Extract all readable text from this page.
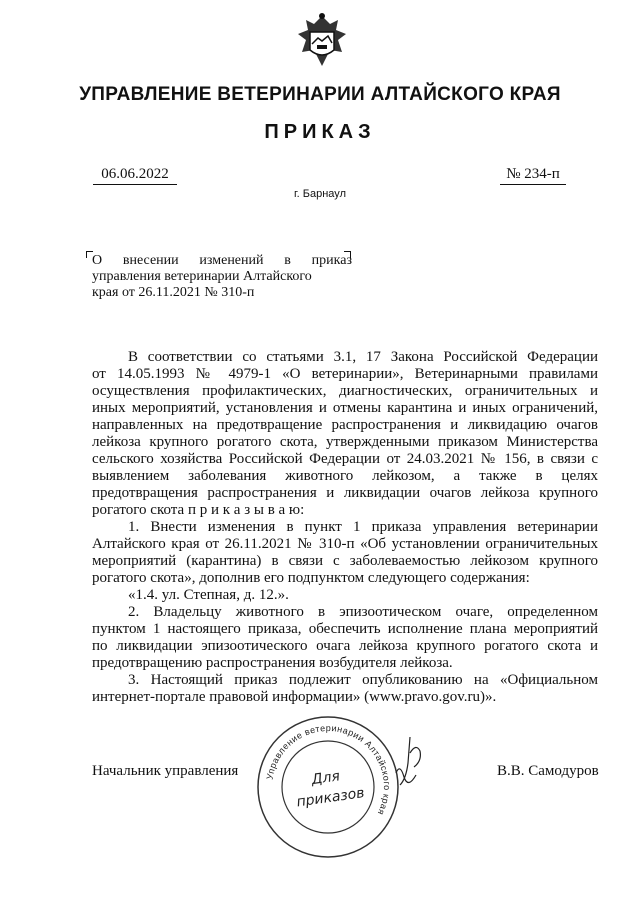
УПРАВЛЕНИЕ ВЕТЕРИНАРИИ АЛТАЙСКОГО КРАЯ
ПРИКАЗ
06.06.2022	№ 234-п
г. Барнаул

О внесении изменений в приказ

управления ветеринарии Алтайского

края от 26.11.2021 № 310-п

В соответствии со статьями 3.1, 17 Закона Российской Федерации

от 14.05.1993 № 4979-1 «О ветеринарии», Ветеринарными правилами

осуществления профилактических, диагностических, ограничительных и

иных мероприятий, установления и отмены карантина и иных ограничений,

направленных на предотвращение распространения и ликвидацию очагов

лейкоза крупного рогатого скота, утвержденными приказом Министерства

сельского хозяйства Российской Федерации от 24.03.2021 № 156, в связи с

выявлением заболевания животного лейкозом, а также в целях

предотвращения распространения и ликвидации очагов лейкоза крупного

рогатого скота п р и к а з ы в а ю:

1. Внести изменения в пункт 1 приказа управления ветеринарии

Алтайского края от 26.11.2021 № 310-п «Об установлении ограничительных

мероприятий (карантина) в связи с заболеваемостью лейкозом крупного

рогатого скота», дополнив его подпунктом следующего содержания:

«1.4. ул. Степная, д. 12.».

2. Владельцу животного в эпизоотическом очаге, определенном

пунктом 1 настоящего приказа, обеспечить исполнение плана мероприятий

по ликвидации эпизоотического очага лейкоза крупного рогатого скота и

предотвращению распространения возбудителя лейкоза.

3. Настоящий приказ подлежит опубликованию на «Официальном

интернет-портале правовой информации» (www.pravo.gov.ru)».

Начальник управления	В.В. Самодуров
Управление ветеринарии Алтайского края
Для
приказов
